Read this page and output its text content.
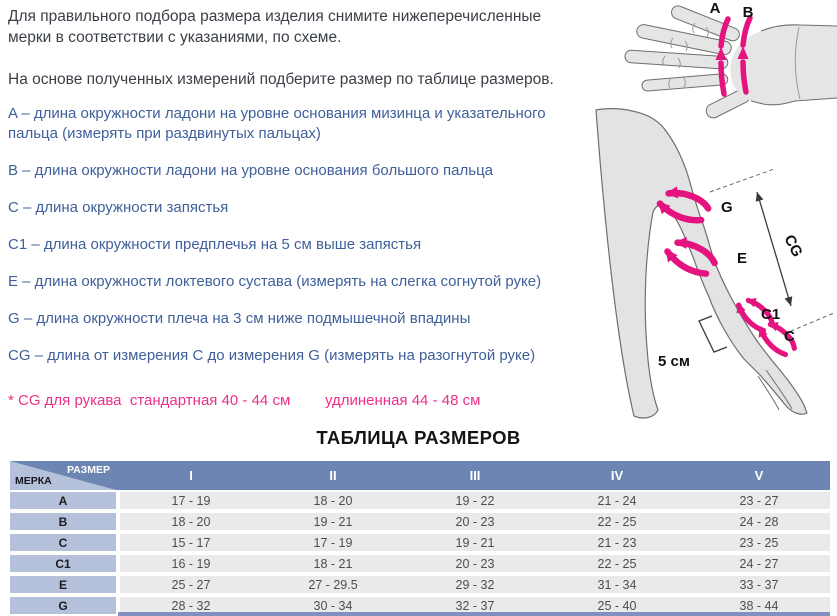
Для правильного подбора размера изделия снимите нижеперечисленные мерки в соответствии с указаниями, по схеме.
На основе полученных измерений подберите размер по таблице размеров.
A – длина окружности ладони на уровне основания мизинца и указательного пальца (измерять при раздвинутых пальцах)
B – длина окружности ладони на уровне основания большого пальца
C – длина окружности запястья
C1 – длина окружности предплечья на 5 см выше запястья
E – длина окружности локтевого сустава (измерять на слегка согнутой руке)
G – длина окружности плеча на 3 см ниже подмышечной впадины
CG – длина от измерения C до измерения G (измерять на разогнутой руке)
* CG для рукава  стандартная 40 - 44 см удлиненная 44 - 48 см
ТАБЛИЦА РАЗМЕРОВ
РАЗМЕР
МЕРКА	I	II	III	IV	V
A	17 - 19	18 - 20	19 - 22	21 - 24	23 - 27
B	18 - 20	19 - 21	20 - 23	22 - 25	24 - 28
C	15 - 17	17 - 19	19 - 21	21 - 23	23 - 25
C1	16 - 19	18 - 21	20 - 23	22 - 25	24 - 27
E	25 - 27	27 - 29.5	29 - 32	31 - 34	33 - 37
G	28 - 32	30 - 34	32 - 37	25 - 40	38 - 44
A B
G
E
C1
C
CG
5 см
